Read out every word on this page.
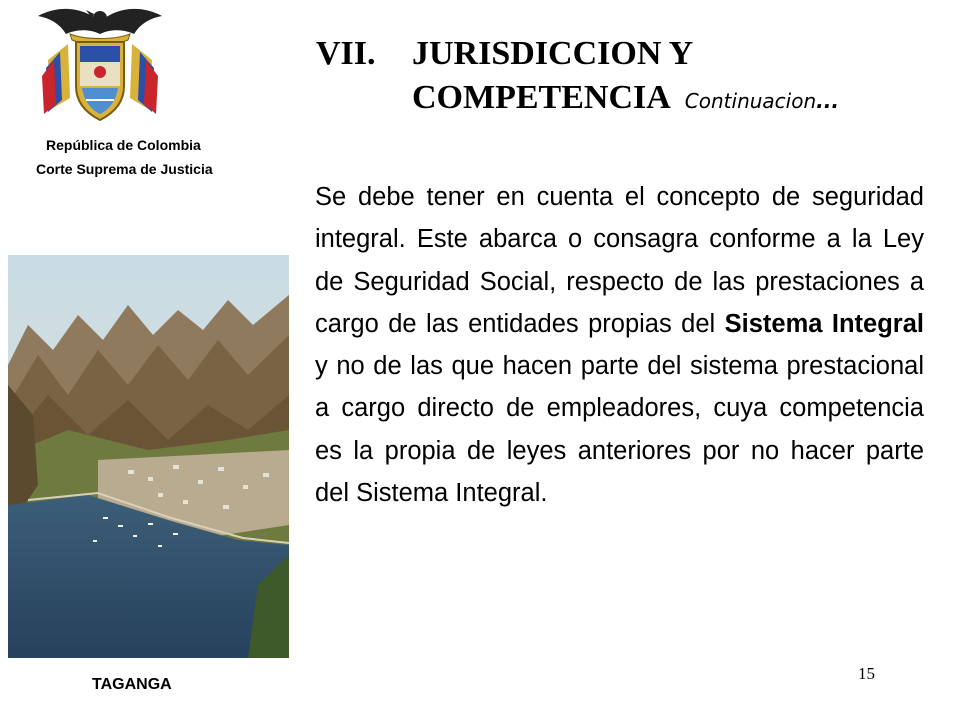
República de Colombia
Corte Suprema de Justicia
TAGANGA
VII. JURISDICCION Y
COMPETENCIA Continuacion...
Se debe tener en cuenta el concepto de seguridad integral. Este abarca o consagra conforme a la Ley de Seguridad Social, respecto de las prestaciones a cargo de las entidades propias del Sistema Integral y no de las que hacen parte del sistema prestacional a cargo directo de empleadores, cuya competencia es la propia de leyes anteriores por no hacer parte del Sistema Integral.
15
